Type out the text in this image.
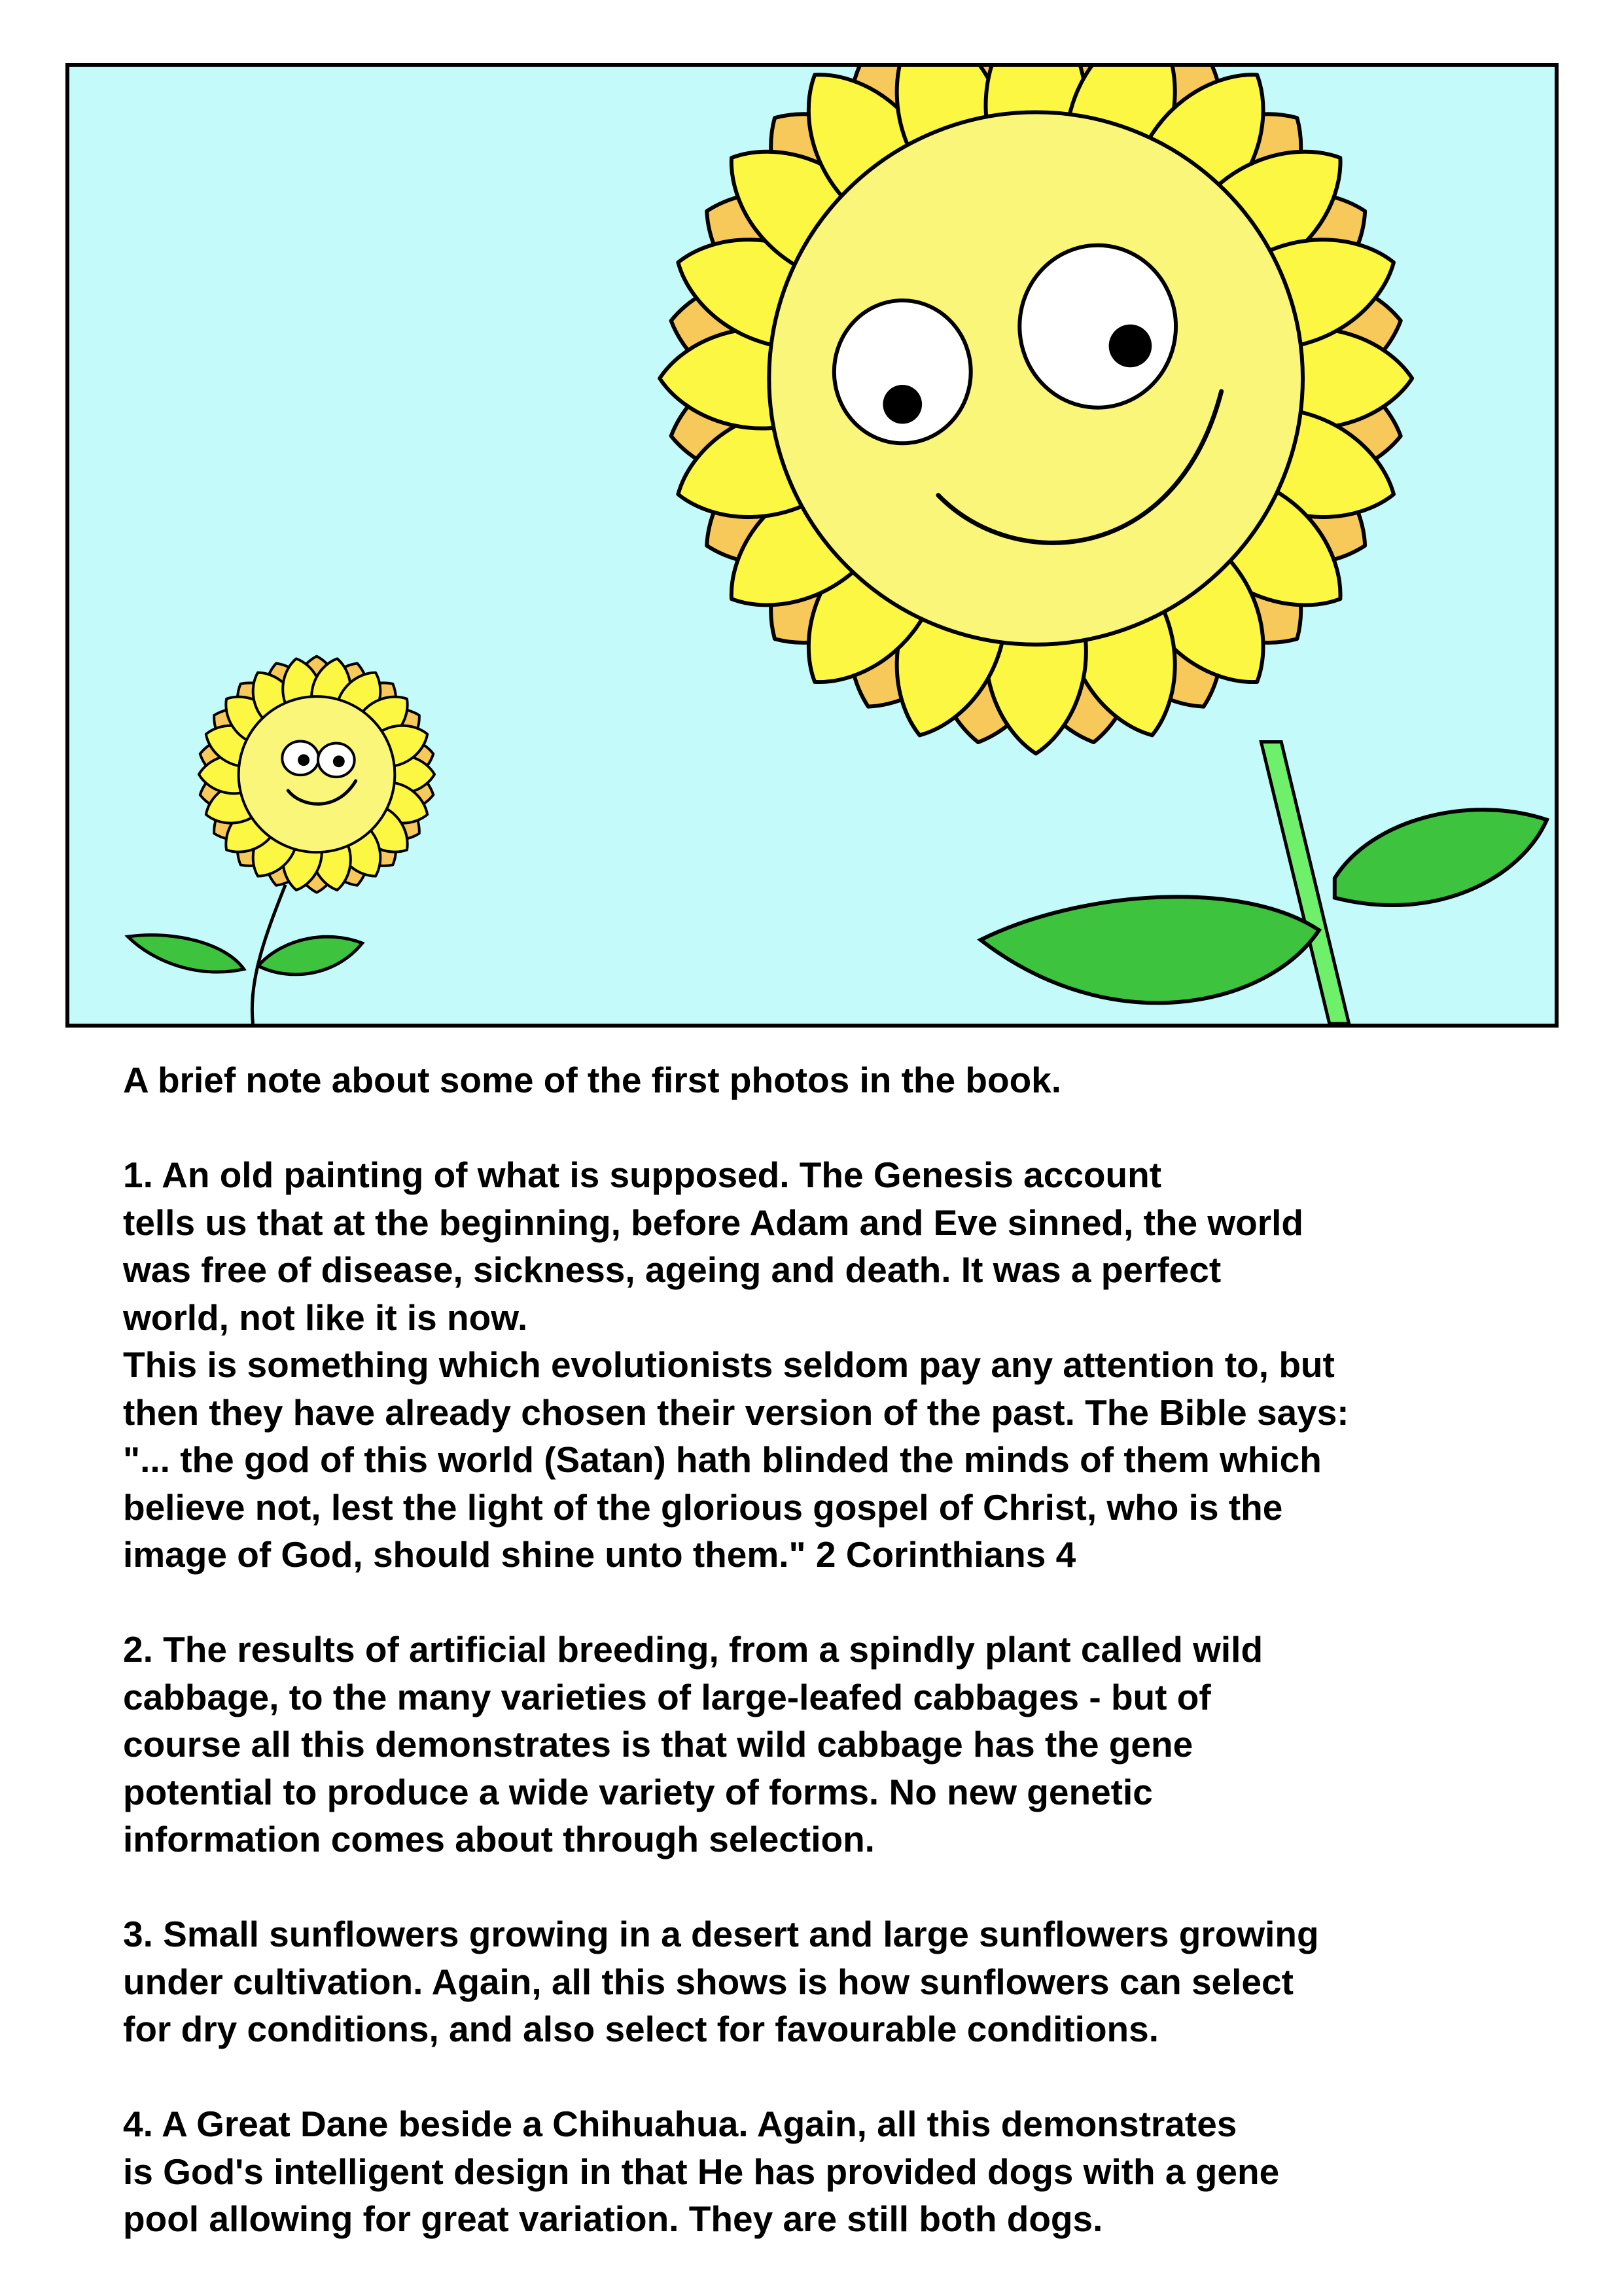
A brief note about some of the first photos in the book.
1. An old painting of what is supposed. The Genesis account
tells us that at the beginning, before Adam and Eve sinned, the world
was free of disease, sickness, ageing and death. It was a perfect
world, not like it is now.
This is something which evolutionists seldom pay any attention to, but
then they have already chosen their version of the past. The Bible says:
"... the god of this world (Satan) hath blinded the minds of them which
believe not, lest the light of the glorious gospel of Christ, who is the
image of God, should shine unto them." 2 Corinthians 4
2. The results of artificial breeding, from a spindly plant called wild
cabbage, to the many varieties of large-leafed cabbages - but of
course all this demonstrates is that wild cabbage has the gene
potential to produce a wide variety of forms. No new genetic
information comes about through selection.
3. Small sunflowers growing in a desert and large sunflowers growing
under cultivation. Again, all this shows is how sunflowers can select
for dry conditions, and also select for favourable conditions.
4. A Great Dane beside a Chihuahua. Again, all this demonstrates
is God's intelligent design in that He has provided dogs with a gene
pool allowing for great variation. They are still both dogs.
